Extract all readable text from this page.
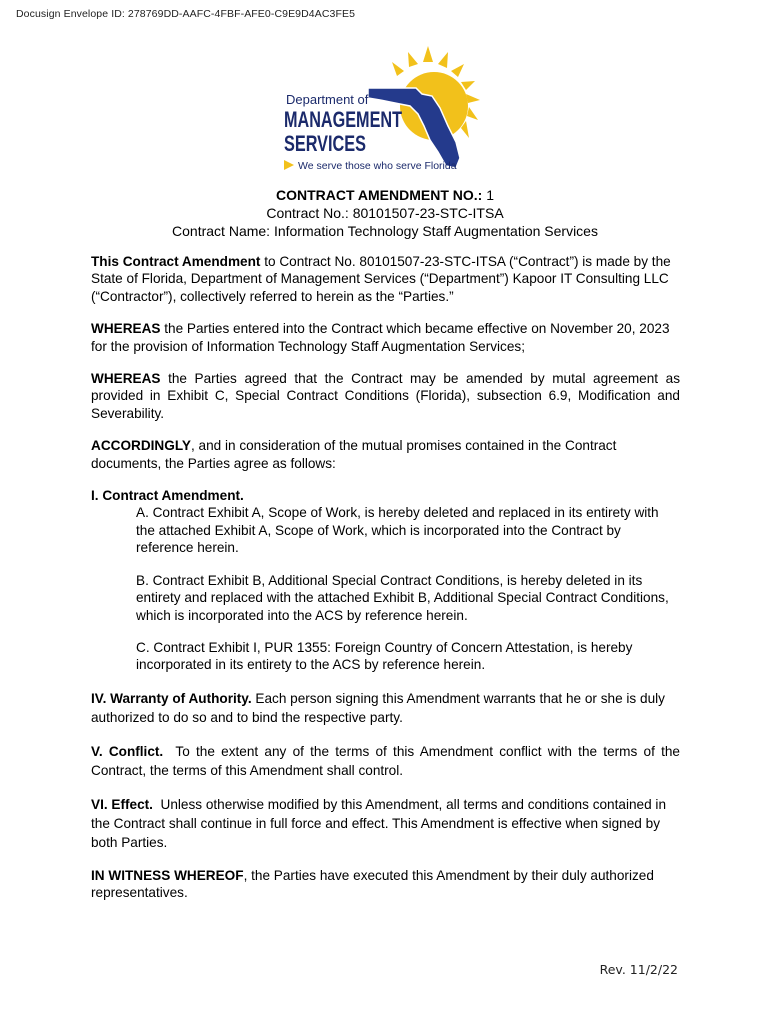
Docusign Envelope ID: 278769DD-AAFC-4FBF-AFE0-C9E9D4AC3FE5
Department of
MANAGEMENT
SERVICES
We serve those who serve Florida
CONTRACT AMENDMENT NO.: 1
Contract No.: 80101507-23-STC-ITSA
Contract Name: Information Technology Staff Augmentation Services

This Contract Amendment to Contract No. 80101507-23-STC-ITSA (“Contract”) is made by the State of Florida, Department of Management Services (“Department”) Kapoor IT Consulting LLC (“Contractor”), collectively referred to herein as the “Parties.”

WHEREAS the Parties entered into the Contract which became effective on November 20, 2023 for the provision of Information Technology Staff Augmentation Services;

WHEREAS the Parties agreed that the Contract may be amended by mutal agreement as provided in Exhibit C, Special Contract Conditions (Florida), subsection 6.9, Modification and Severability.

ACCORDINGLY, and in consideration of the mutual promises contained in the Contract documents, the Parties agree as follows:

I. Contract Amendment.

A. Contract Exhibit A, Scope of Work, is hereby deleted and replaced in its entirety with the attached Exhibit A, Scope of Work, which is incorporated into the Contract by reference herein.

B. Contract Exhibit B, Additional Special Contract Conditions, is hereby deleted in its entirety and replaced with the attached Exhibit B, Additional Special Contract Conditions, which is incorporated into the ACS by reference herein.

C. Contract Exhibit I, PUR 1355: Foreign Country of Concern Attestation, is hereby incorporated in its entirety to the ACS by reference herein.

IV. Warranty of Authority. Each person signing this Amendment warrants that he or she is duly authorized to do so and to bind the respective party.

V. Conflict.  To the extent any of the terms of this Amendment conflict with the terms of the Contract, the terms of this Amendment shall control.

VI. Effect.  Unless otherwise modified by this Amendment, all terms and conditions contained in the Contract shall continue in full force and effect. This Amendment is effective when signed by both Parties.

IN WITNESS WHEREOF, the Parties have executed this Amendment by their duly authorized representatives.

Rev. 11/2/22
